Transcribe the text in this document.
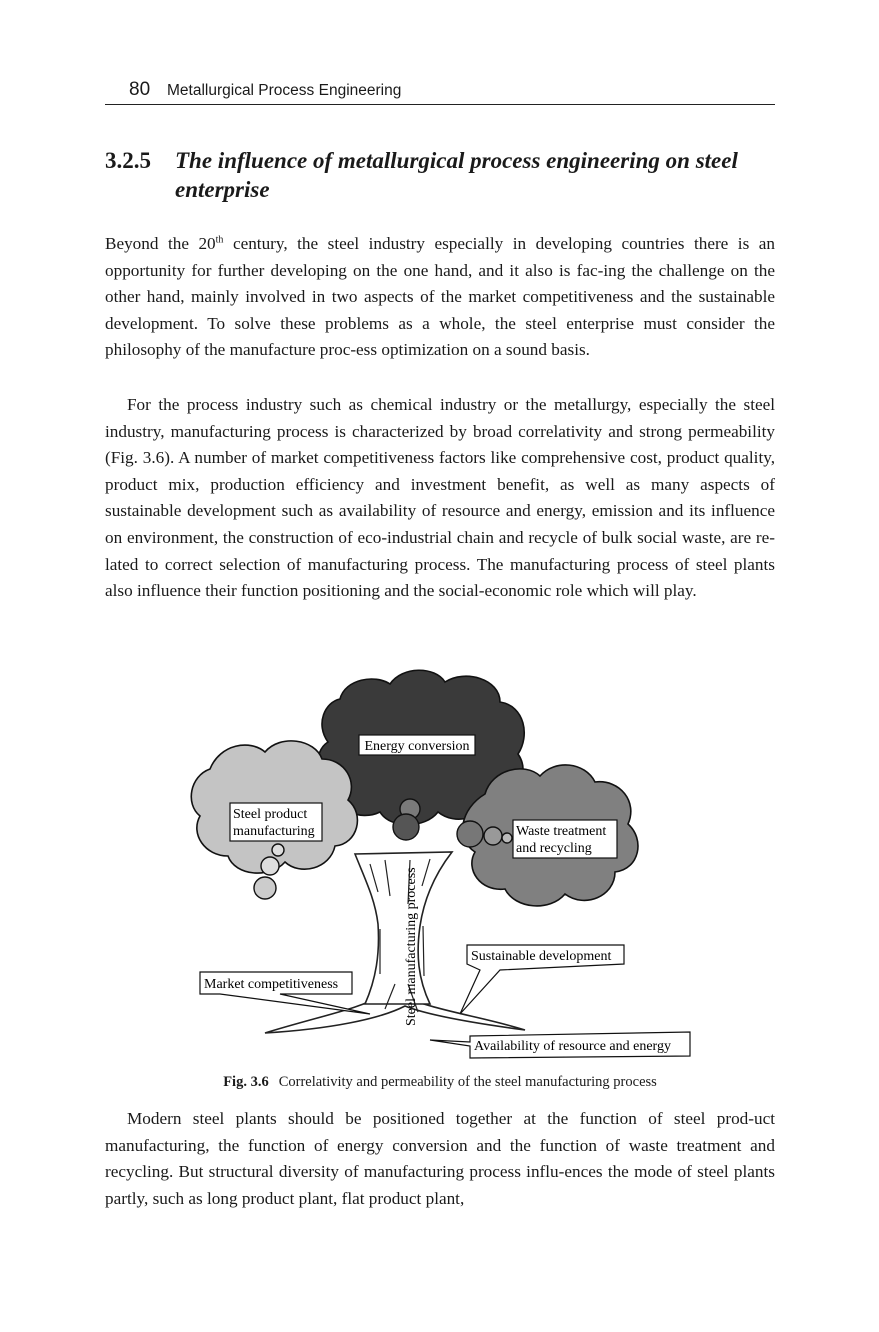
80 Metallurgical Process Engineering
3.2.5 The influence of metallurgical process engineering on steel enterprise

Beyond the 20th century, the steel industry especially in developing countries there is an opportunity for further developing on the one hand, and it also is fac-ing the challenge on the other hand, mainly involved in two aspects of the market competitiveness and the sustainable development. To solve these problems as a whole, the steel enterprise must consider the philosophy of the manufacture proc-ess optimization on a sound basis.

For the process industry such as chemical industry or the metallurgy, especially the steel industry, manufacturing process is characterized by broad correlativity and strong permeability (Fig. 3.6). A number of market competitiveness factors like comprehensive cost, product quality, product mix, production efficiency and investment benefit, as well as many aspects of sustainable development such as availability of resource and energy, emission and its influence on environment, the construction of eco-industrial chain and recycle of bulk social waste, are re-lated to correct selection of manufacturing process. The manufacturing process of steel plants also influence their function positioning and the social-economic role which will play.

Energy conversion
Steel product
manufacturing	Waste treatment
and recycling
Steel manufacturing process	Sustainable development
Market competitiveness
Availability of resource and energy
Fig. 3.6 Correlativity and permeability of the steel manufacturing process

Modern steel plants should be positioned together at the function of steel prod-uct manufacturing, the function of energy conversion and the function of waste treatment and recycling. But structural diversity of manufacturing process influ-ences the mode of steel plants partly, such as long product plant, flat product plant,
